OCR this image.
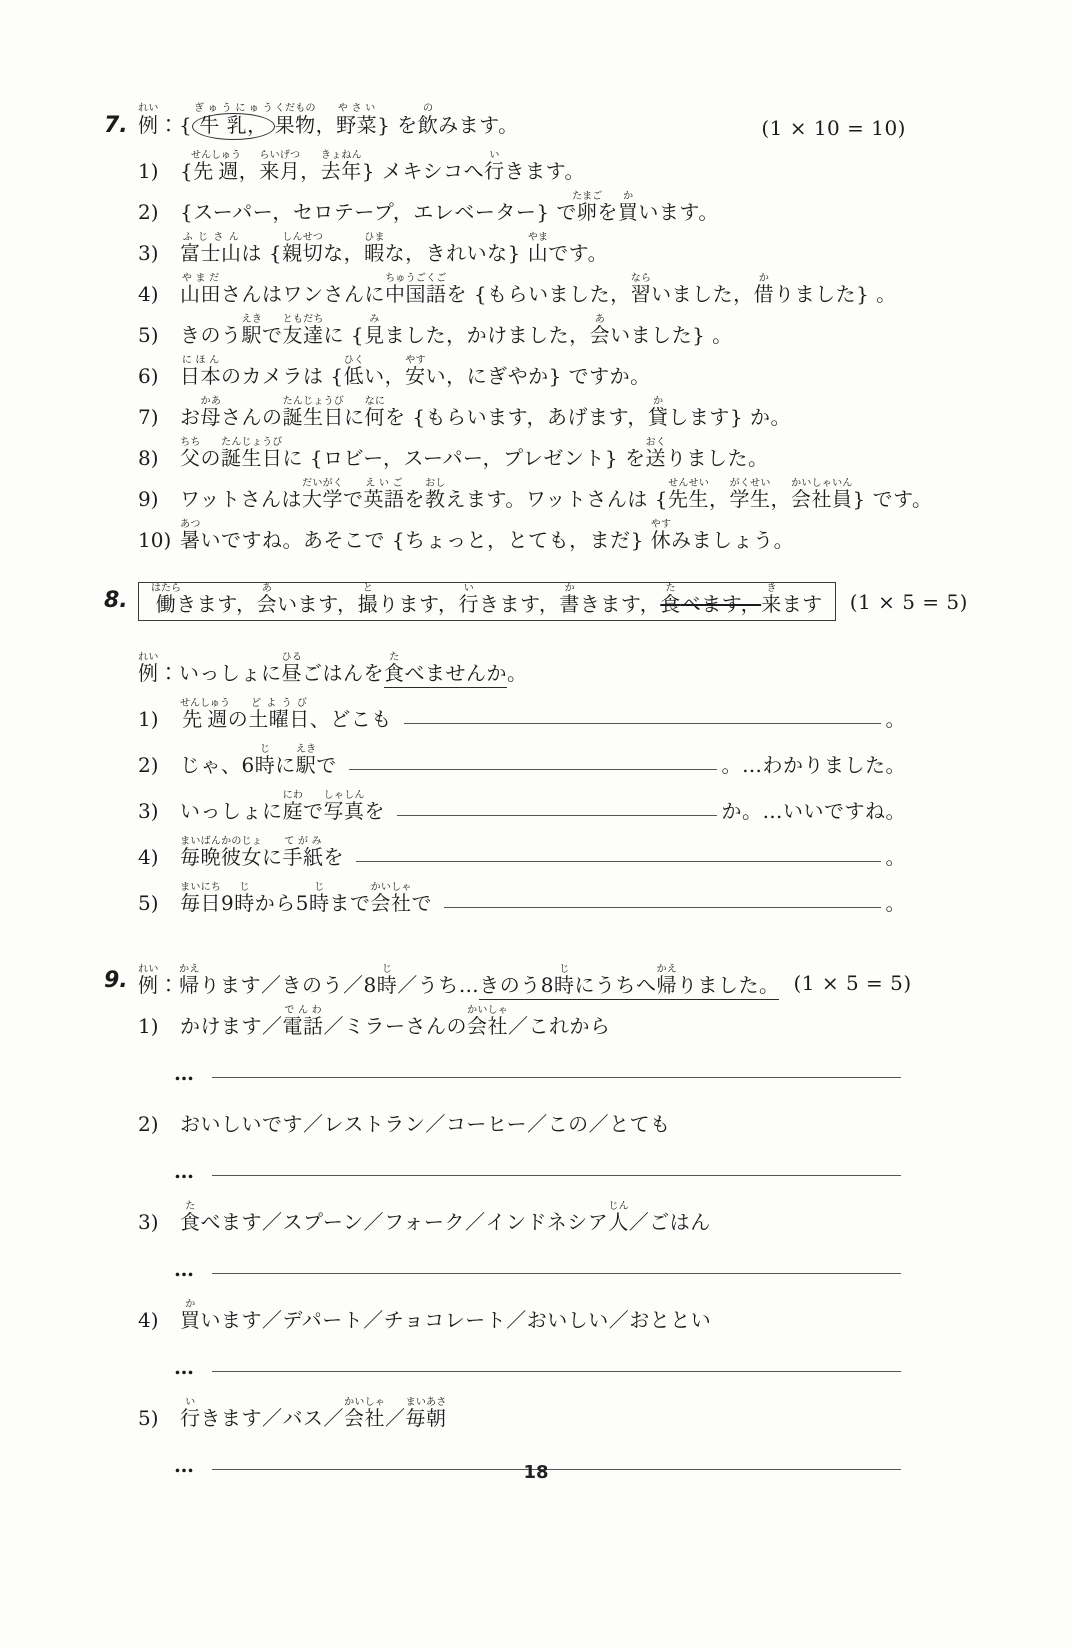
7. 例れい：{ 牛 乳，ぎゅうにゅう果物くだもの，野菜やさい} を飲のみます。	(1 × 10 = 10)
1)	{先週せんしゅう，来月らいげつ，去年きょねん} メキシコへ行いきます。
2)	{スーパー，セロテープ，エレベーター} で卵たまごを買かいます。
3)	富士山ふじさんは {親切しんせつな，暇ひまな，きれいな} 山やまです。
4)	山田やまださんはワンさんに中国語ちゅうごくごを {もらいました，習ならいました，借かりました} 。
5)	きのう駅えきで友達ともだちに {見みました，かけました，会あいました} 。
6)	日本にほんのカメラは {低ひくい，安やすい，にぎやか} ですか。
7)	お母かあさんの誕生日たんじょうびに何なにを {もらいます，あげます，貸かします} か。
8)	父ちちの誕生日たんじょうびに {ロビー，スーパー，プレゼント} を送おくりました。
9)	ワットさんは大学だいがくで英語えいごを教おしえます。ワットさんは {先生せんせい，学生がくせい，会社員かいしゃいん} です。
10) 暑あついですね。あそこで {ちょっと，とても，まだ} 休やすみましょう。
8.	働はたらきます，会あいます，撮とります，行いきます，書かきます，食たべます，来きます	(1 × 5 = 5)
例れい：いっしょに昼ひるごはんを食たべませんか。
1)	先週せんしゅうの土曜日どようび、どこも	。
2)	じゃ、6時じに駅えきで	。…わかりました。
3)	いっしょに庭にわで写真しゃしんを	か。…いいですね。
4)	毎晩まいばん彼女かのじょに手紙てがみを	。
5)	毎日まいにち9時じから5時じまで会社かいしゃで	。
9. 例れい：帰かえります／きのう／8時じ／うち…きのう8時じにうちへ帰かえりました。 (1 × 5 = 5)
1)	かけます／電話でんわ／ミラーさんの会社かいしゃ／これから
…
2)	おいしいです／レストラン／コーヒー／この／とても
…
3)	食たべます／スプーン／フォーク／インドネシア人じん／ごはん
…
4)	買かいます／デパート／チョコレート／おいしい／おととい
…
5)	行いきます／バス／会社かいしゃ／毎朝まいあさ
…	18
